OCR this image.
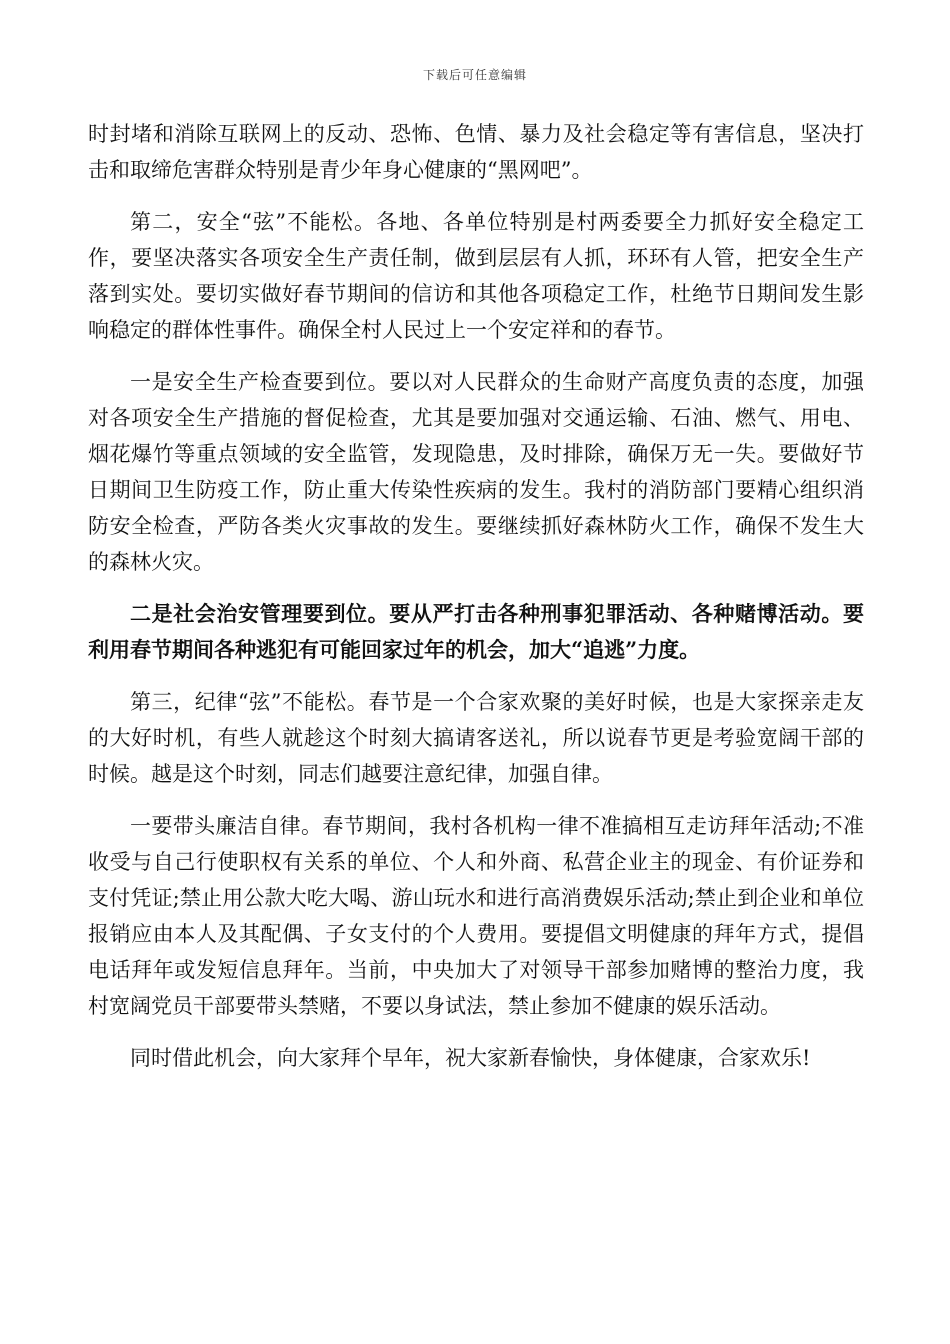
下载后可任意编辑

时封堵和消除互联网上的反动、恐怖、色情、暴力及社会稳定等有害信息，坚决打击和取缔危害群众特别是青少年身心健康的“黑网吧”。

第二，安全“弦”不能松。各地、各单位特别是村两委要全力抓好安全稳定工作，要坚决落实各项安全生产责任制，做到层层有人抓，环环有人管，把安全生产落到实处。要切实做好春节期间的信访和其他各项稳定工作，杜绝节日期间发生影响稳定的群体性事件。确保全村人民过上一个安定祥和的春节。

一是安全生产检查要到位。要以对人民群众的生命财产高度负责的态度，加强对各项安全生产措施的督促检查，尤其是要加强对交通运输、石油、燃气、用电、烟花爆竹等重点领域的安全监管，发现隐患，及时排除，确保万无一失。要做好节日期间卫生防疫工作，防止重大传染性疾病的发生。我村的消防部门要精心组织消防安全检查，严防各类火灾事故的发生。要继续抓好森林防火工作，确保不发生大的森林火灾。

二是社会治安管理要到位。要从严打击各种刑事犯罪活动、各种赌博活动。要利用春节期间各种逃犯有可能回家过年的机会，加大“追逃”力度。

第三，纪律“弦”不能松。春节是一个合家欢聚的美好时候，也是大家探亲走友的大好时机，有些人就趁这个时刻大搞请客送礼，所以说春节更是考验宽阔干部的时候。越是这个时刻，同志们越要注意纪律，加强自律。

一要带头廉洁自律。春节期间，我村各机构一律不准搞相互走访拜年活动;不准收受与自己行使职权有关系的单位、个人和外商、私营企业主的现金、有价证券和支付凭证;禁止用公款大吃大喝、游山玩水和进行高消费娱乐活动;禁止到企业和单位报销应由本人及其配偶、子女支付的个人费用。要提倡文明健康的拜年方式，提倡电话拜年或发短信息拜年。当前，中央加大了对领导干部参加赌博的整治力度，我村宽阔党员干部要带头禁赌，不要以身试法，禁止参加不健康的娱乐活动。

同时借此机会，向大家拜个早年，祝大家新春愉快，身体健康，合家欢乐!
